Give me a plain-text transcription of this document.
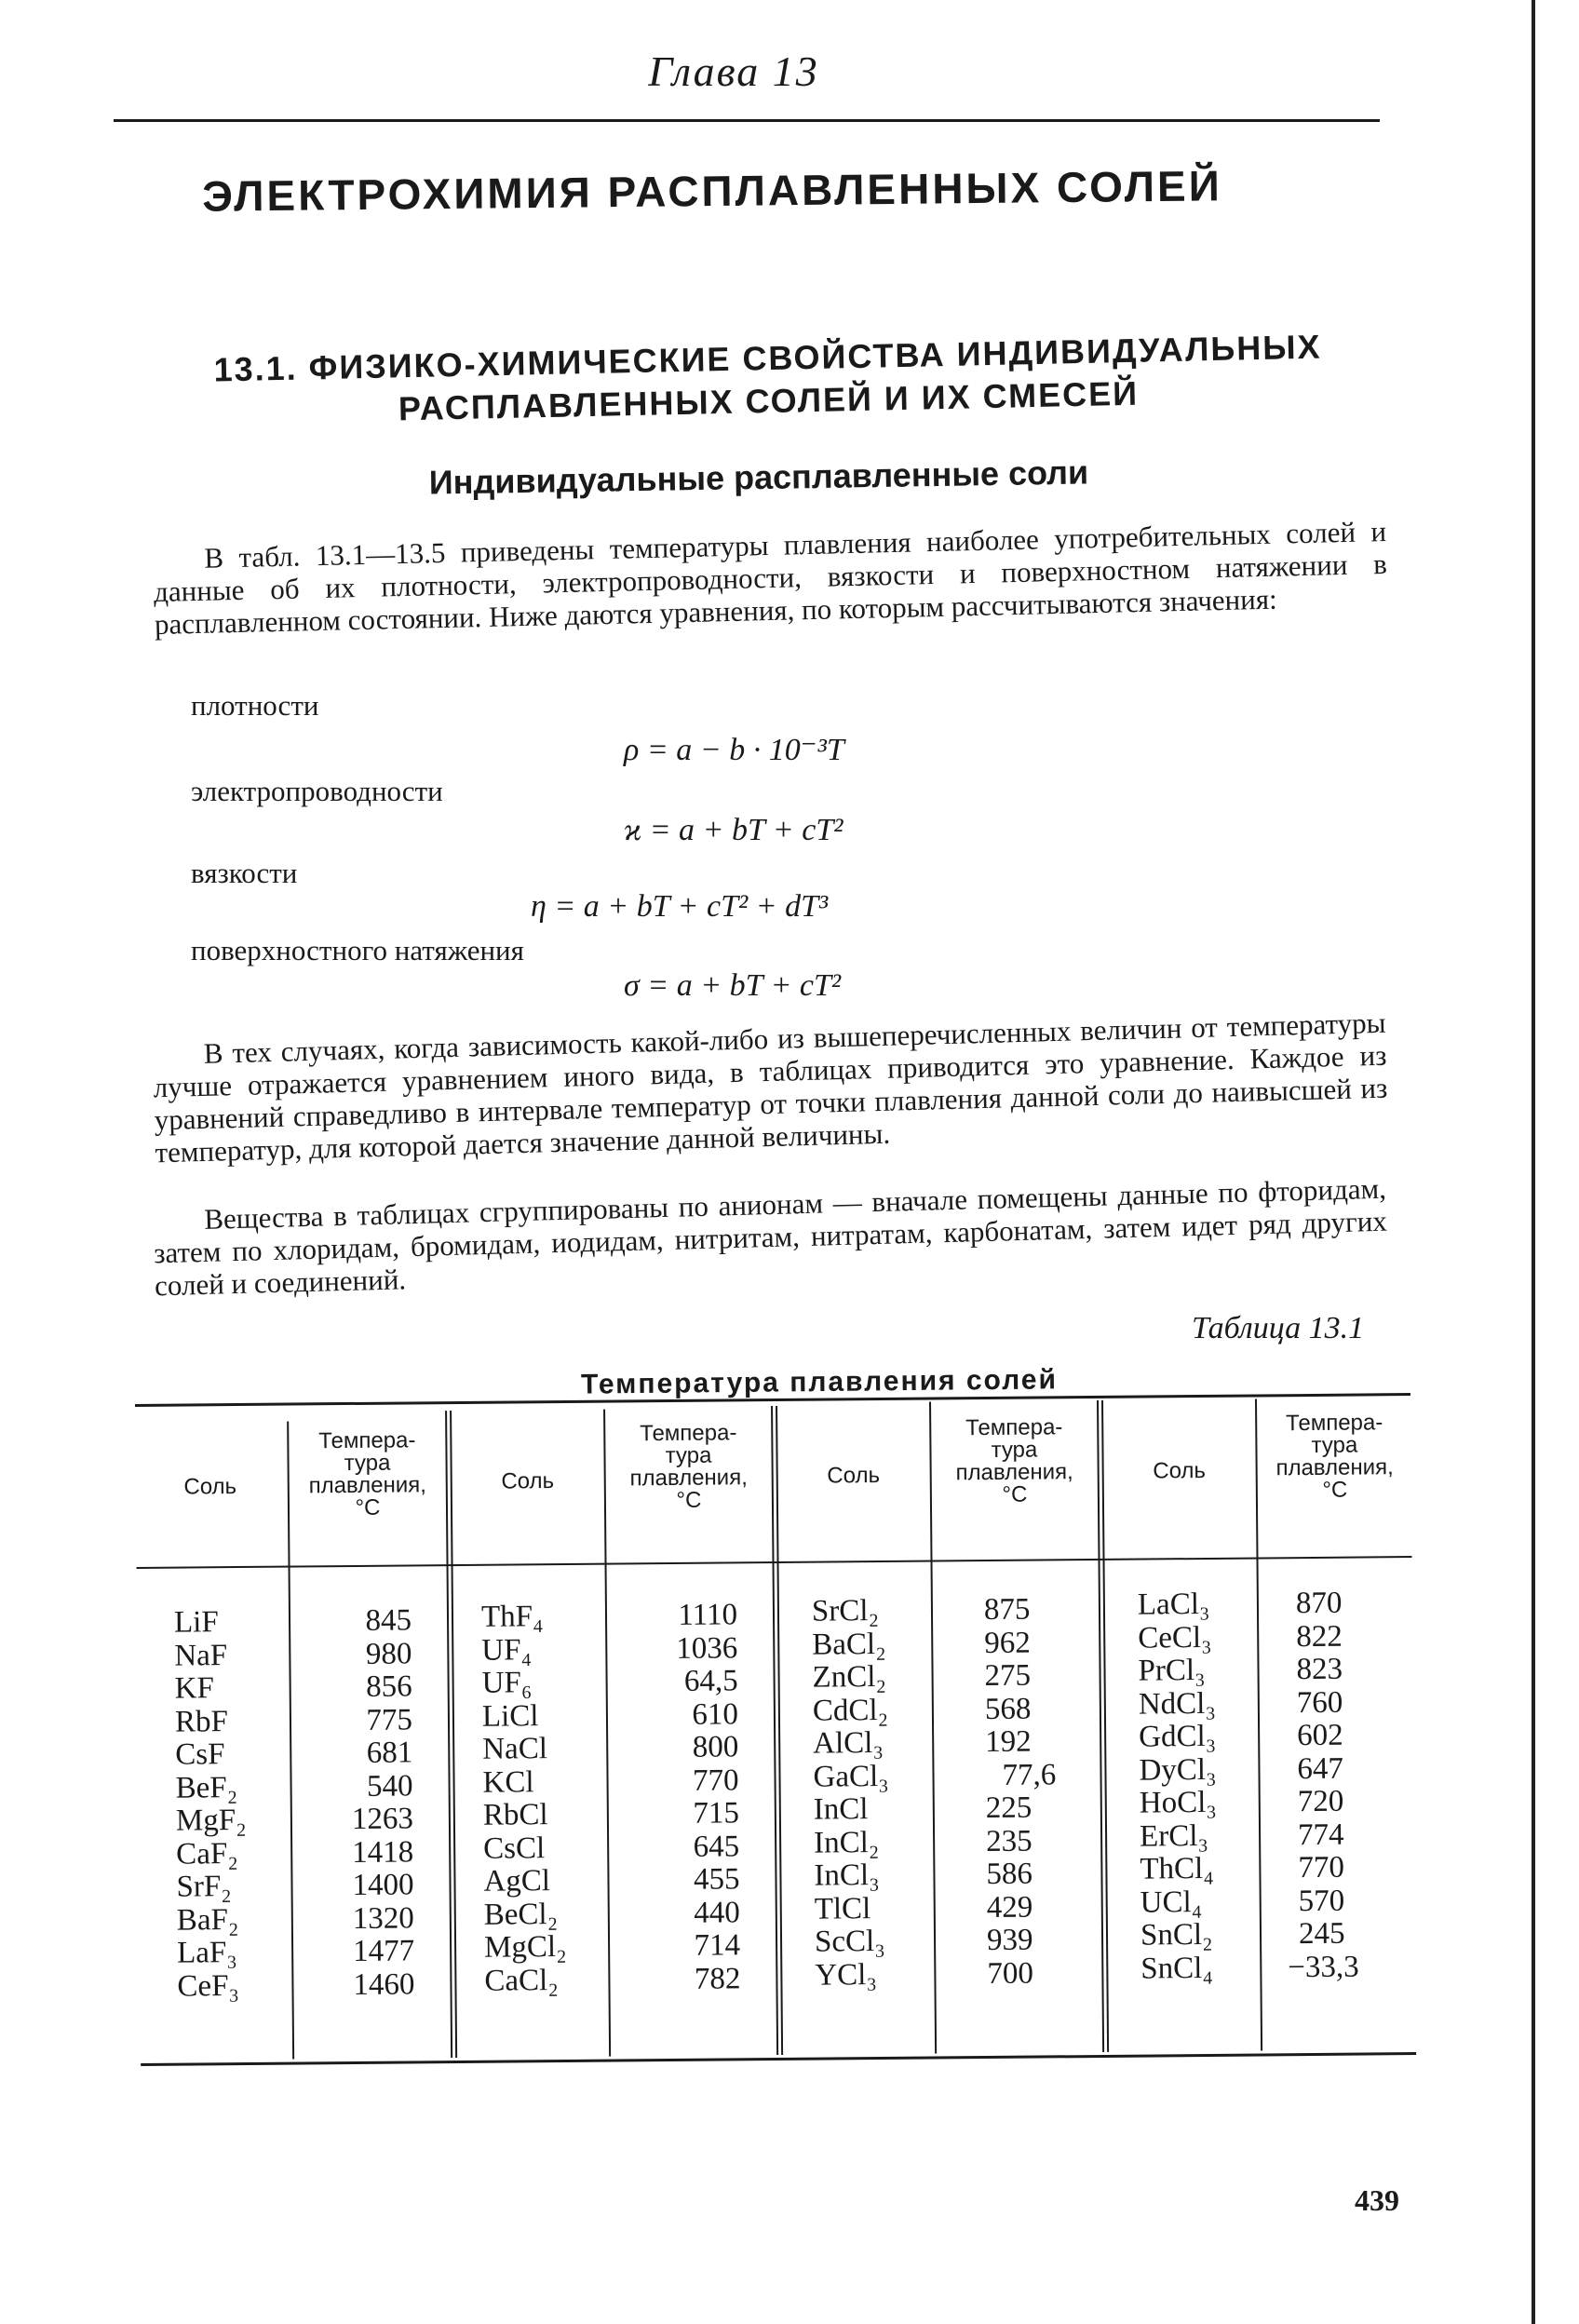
Глава 13
ЭЛЕКТРОХИМИЯ РАСПЛАВЛЕННЫХ СОЛЕЙ
13.1. ФИЗИКО-ХИМИЧЕСКИЕ СВОЙСТВА ИНДИВИДУАЛЬНЫХ
РАСПЛАВЛЕННЫХ СОЛЕЙ И ИХ СМЕСЕЙ
Индивидуальные расплавленные соли
В табл. 13.1—13.5 приведены температуры плавления наиболее употребительных солей и данные об их плотности, электропроводности, вязкости и поверхностном натяжении в расплавленном состоянии. Ниже даются уравнения, по которым рассчитываются значения:
плотности
ρ = a − b · 10⁻³T
электропроводности
ϰ = a + bT + cT²
вязкости
η = a + bT + cT² + dT³
поверхностного натяжения
σ = a + bT + cT²
В тех случаях, когда зависимость какой-либо из вышеперечисленных величин от температуры лучше отражается уравнением иного вида, в таблицах приводится это уравнение. Каждое из уравнений справедливо в интервале температур от точки плавления данной соли до наивысшей из температур, для которой дается значение данной величины.
Вещества в таблицах сгруппированы по анионам — вначале помещены данные по фторидам, затем по хлоридам, бромидам, иодидам, нитритам, нитратам, карбонатам, затем идет ряд других солей и соединений.
Таблица 13.1
Температура плавления солей
Соль
Темпера-
тура
плавления,
°C
Соль
Темпера-
тура
плавления,
°C
Соль
Темпера-
тура
плавления,
°C
Соль
Темпера-
тура
плавления,
°C
LiF
NaF
KF
RbF
CsF
BeF₂
MgF₂
CaF₂
SrF₂
BaF₂
LaF₃
CeF₃
845
980
856
775
681
540
1263
1418
1400
1320
1477
1460
ThF₄
UF₄
UF₆
LiCl
NaCl
KCl
RbCl
CsCl
AgCl
BeCl₂
MgCl₂
CaCl₂
1110
1036
64,5
610
800
770
715
645
455
440
714
782
SrCl₂
BaCl₂
ZnCl₂
CdCl₂
AlCl₃
GaCl₃
InCl
InCl₂
InCl₃
TlCl
ScCl₃
YCl₃
875
962
275
568
192
77,6
225
235
586
429
939
700
LaCl₃
CeCl₃
PrCl₃
NdCl₃
GdCl₃
DyCl₃
HoCl₃
ErCl₃
ThCl₄
UCl₄
SnCl₂
SnCl₄
870
822
823
760
602
647
720
774
770
570
245
−33,3
439
